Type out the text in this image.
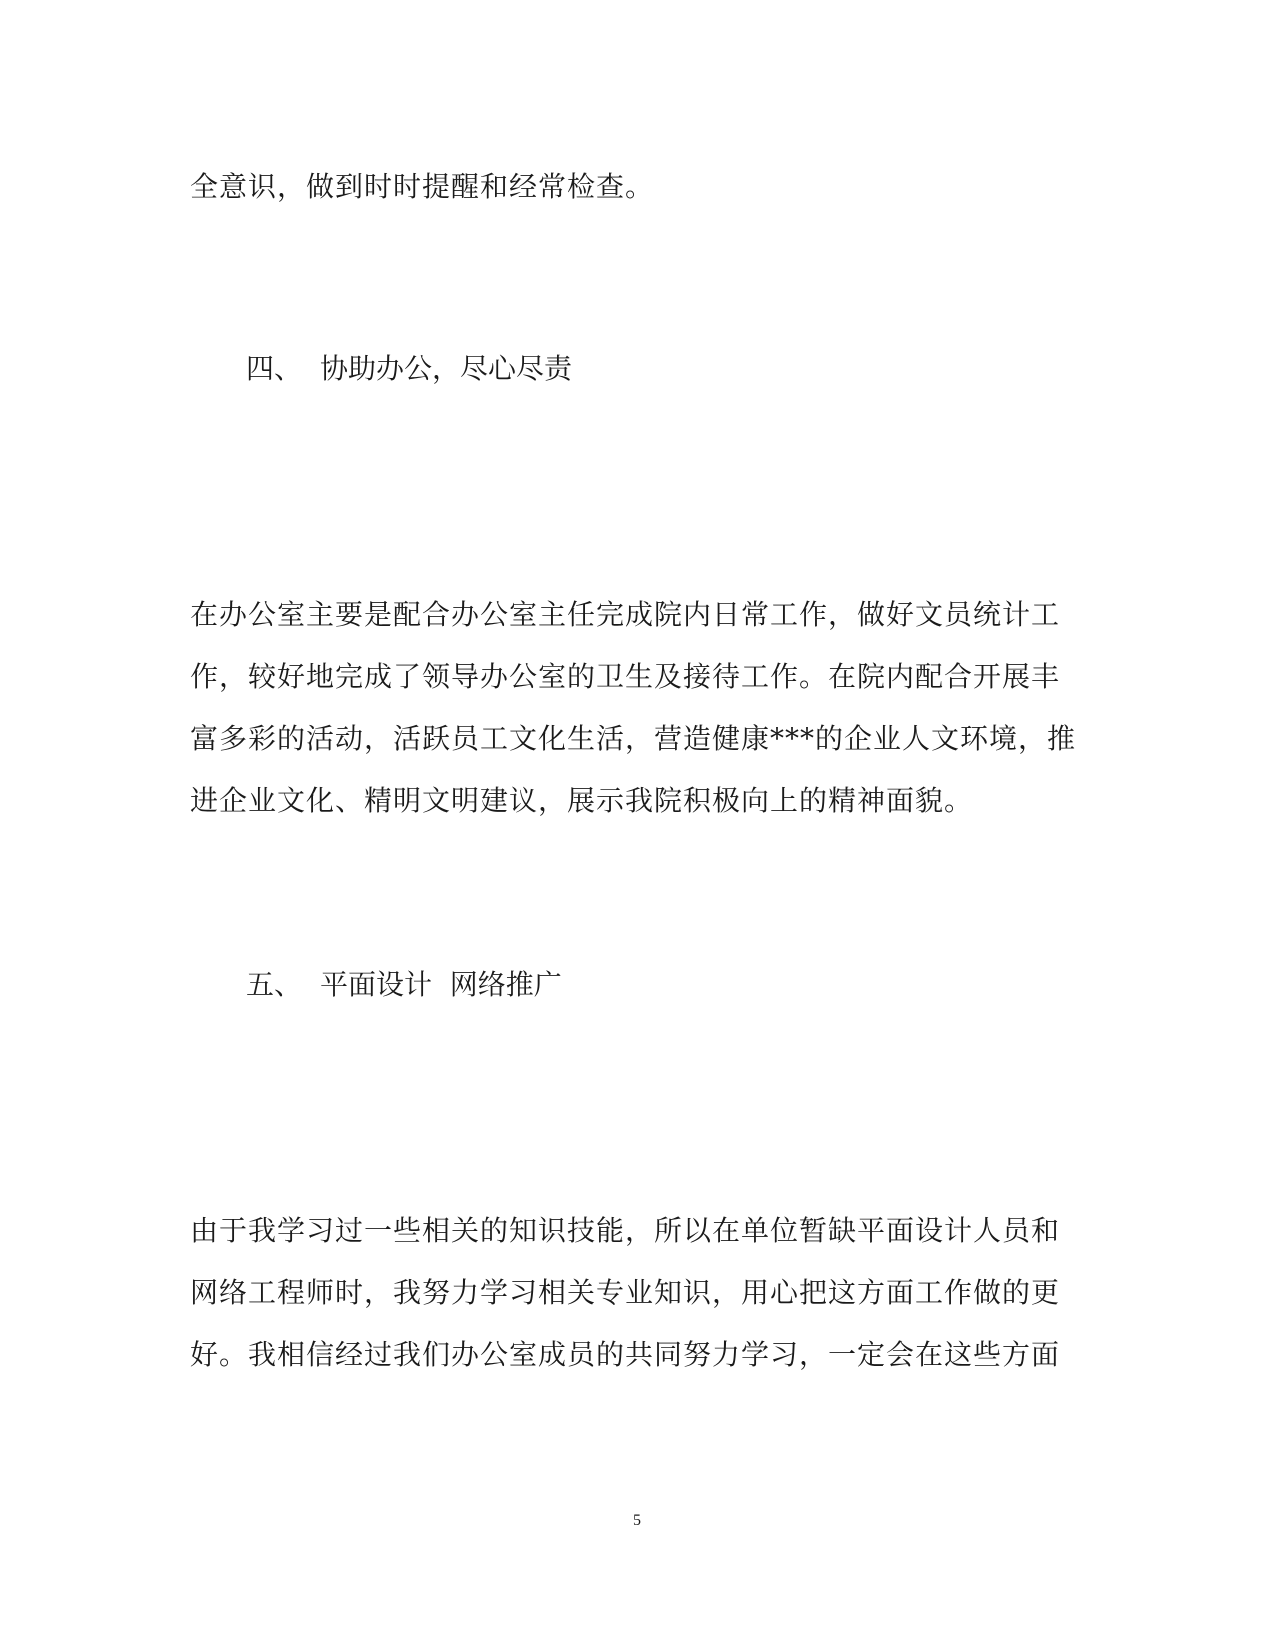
全意识，做到时时提醒和经常检查。
四、 协助办公，尽心尽责
在办公室主要是配合办公室主任完成院内日常工作，做好文员统计工
作，较好地完成了领导办公室的卫生及接待工作。在院内配合开展丰
富多彩的活动，活跃员工文化生活，营造健康***的企业人文环境，推
进企业文化、精明文明建议，展示我院积极向上的精神面貌。
五、 平面设计  网络推广
由于我学习过一些相关的知识技能，所以在单位暂缺平面设计人员和
网络工程师时，我努力学习相关专业知识，用心把这方面工作做的更
好。我相信经过我们办公室成员的共同努力学习，一定会在这些方面
5
